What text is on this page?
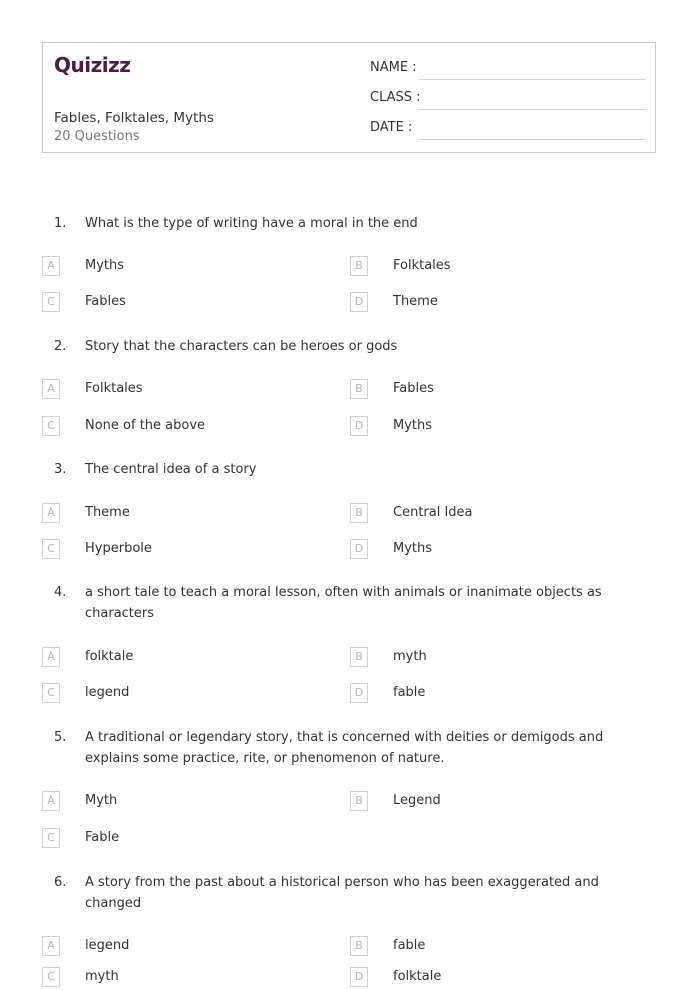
Quizizz
Fables, Folktales, Myths
20 Questions
NAME :
CLASS :
DATE :
1. What is the type of writing have a moral in the end
A	Myths	B	Folktales
C	Fables	D	Theme
2. Story that the characters can be heroes or gods
A	Folktales	B	Fables
C	None of the above	D	Myths
3. The central idea of a story
A	Theme	B	Central Idea
C	Hyperbole	D	Myths
4. a short tale to teach a moral lesson, often with animals or inanimate objects as characters
A	folktale	B	myth
C	legend	D	fable
5. A traditional or legendary story, that is concerned with deities or demigods and explains some practice, rite, or phenomenon of nature.
A	Myth	B	Legend
C	Fable
6. A story from the past about a historical person who has been exaggerated and changed
A	legend	B	fable
C	myth	D	folktale
